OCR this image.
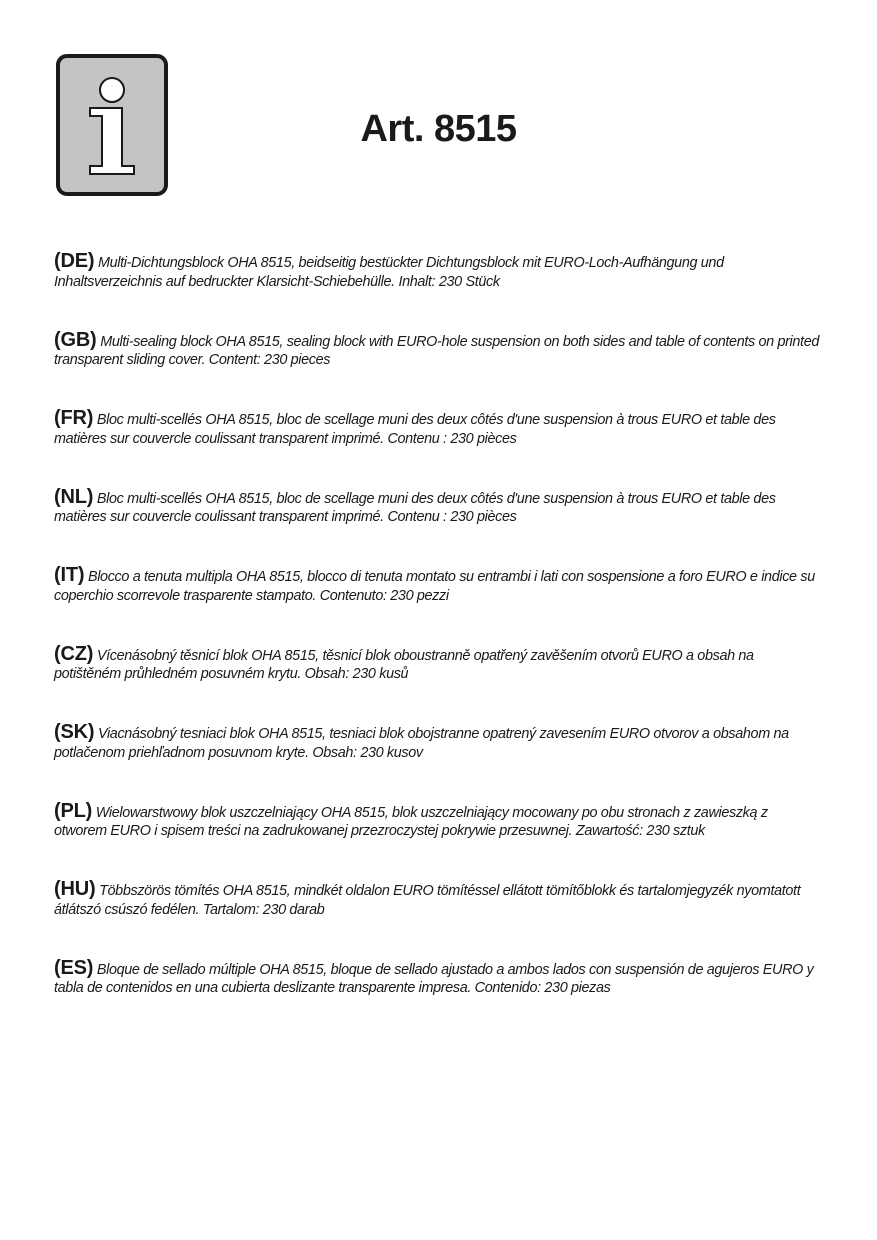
Art. 8515

(DE) Multi-Dichtungsblock OHA 8515, beidseitig bestückter Dichtungsblock mit EURO-Loch-Aufhängung und Inhaltsverzeichnis auf bedruckter Klarsicht-Schiebehülle. Inhalt: 230 Stück

(GB) Multi-sealing block OHA 8515, sealing block with EURO-hole suspension on both sides and table of contents on printed transparent sliding cover. Content: 230 pieces

(FR) Bloc multi-scellés OHA 8515, bloc de scellage muni des deux côtés d'une suspension à trous EURO et table des matières sur couvercle coulissant transparent imprimé. Contenu : 230 pièces

(NL) Bloc multi-scellés OHA 8515, bloc de scellage muni des deux côtés d'une suspension à trous EURO et table des matières sur couvercle coulissant transparent imprimé. Contenu : 230 pièces

(IT) Blocco a tenuta multipla OHA 8515, blocco di tenuta montato su entrambi i lati con sospensione a foro EURO e indice su coperchio scorrevole trasparente stampato. Contenuto: 230 pezzi

(CZ) Vícenásobný těsnicí blok OHA 8515, těsnicí blok oboustranně opatřený zavěšením otvorů EURO a obsah na potištěném průhledném posuvném krytu. Obsah: 230 kusů

(SK) Viacnásobný tesniaci blok OHA 8515, tesniaci blok obojstranne opatrený zavesením EURO otvorov a obsahom na potlačenom priehľadnom posuvnom kryte. Obsah: 230 kusov

(PL) Wielowarstwowy blok uszczelniający OHA 8515, blok uszczelniający mocowany po obu stronach z zawieszką z otworem EURO i spisem treści na zadrukowanej przezroczystej pokrywie przesuwnej. Zawartość: 230 sztuk

(HU) Többszörös tömítés OHA 8515, mindkét oldalon EURO tömítéssel ellátott tömítőblokk és tartalomjegyzék nyomtatott átlátszó csúszó fedélen. Tartalom: 230 darab

(ES) Bloque de sellado múltiple OHA 8515, bloque de sellado ajustado a ambos lados con suspensión de agujeros EURO y tabla de contenidos en una cubierta deslizante transparente impresa. Contenido: 230 piezas
